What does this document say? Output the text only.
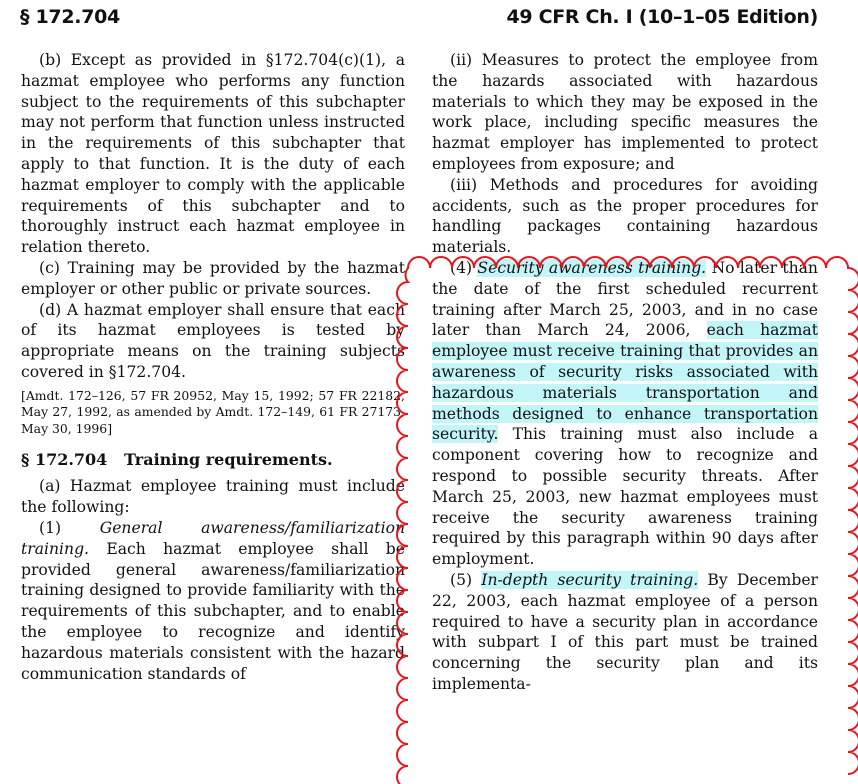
§ 172.704	49 CFR Ch. I (10–1–05 Edition)

(b) Except as provided in §172.704(c)(1), a hazmat employee who performs any function subject to the requirements of this subchapter may not perform that function unless instructed in the requirements of this subchapter that apply to that function. It is the duty of each hazmat employer to comply with the applicable requirements of this subchapter and to thoroughly instruct each hazmat employee in relation thereto.

(c) Training may be provided by the hazmat employer or other public or private sources.

(d) A hazmat employer shall ensure that each of its hazmat employees is tested by appropriate means on the training subjects covered in §172.704.

[Amdt. 172–126, 57 FR 20952, May 15, 1992; 57 FR 22182, May 27, 1992, as amended by Amdt. 172–149, 61 FR 27173, May 30, 1996]

§ 172.704 Training requirements.

(a) Hazmat employee training must include the following:

(1) General awareness/familiarization training. Each hazmat employee shall be provided general awareness/familiarization training designed to provide familiarity with the requirements of this subchapter, and to enable the employee to recognize and identify hazardous materials consistent with the hazard communication standards of

(ii) Measures to protect the employee from the hazards associated with hazardous materials to which they may be exposed in the work place, including specific measures the hazmat employer has implemented to protect employees from exposure; and

(iii) Methods and procedures for avoiding accidents, such as the proper procedures for handling packages containing hazardous materials.

(4) Security awareness training. No later than the date of the first scheduled recurrent training after March 25, 2003, and in no case later than March 24, 2006, each hazmat employee must receive training that provides an awareness of security risks associated with hazardous materials transportation and methods designed to enhance transportation security. This training must also include a component covering how to recognize and respond to possible security threats. After March 25, 2003, new hazmat employees must receive the security awareness training required by this paragraph within 90 days after employment.

(5) In-depth security training. By December 22, 2003, each hazmat employee of a person required to have a security plan in accordance with subpart I of this part must be trained concerning the security plan and its implementa-
